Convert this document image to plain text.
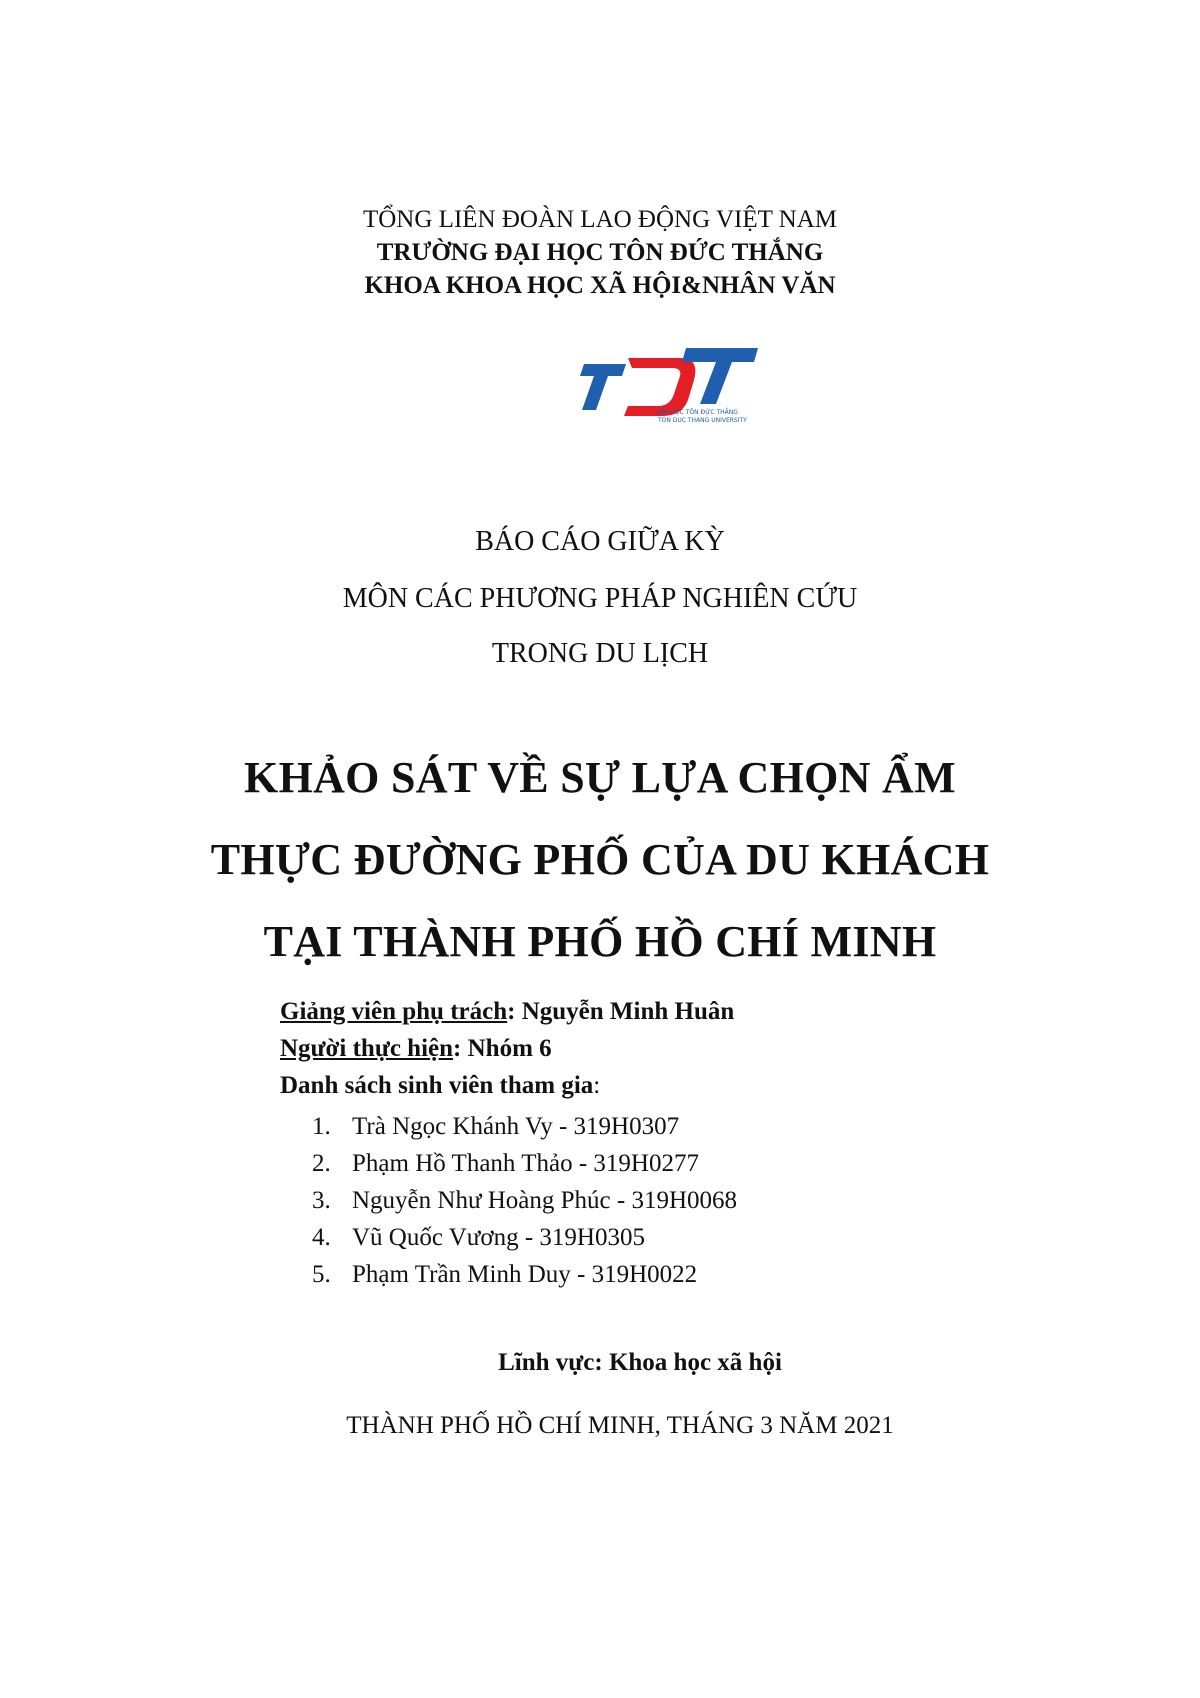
TỔNG LIÊN ĐOÀN LAO ĐỘNG VIỆT NAM
TRƯỜNG ĐẠI HỌC TÔN ĐỨC THẮNG
KHOA KHOA HỌC XÃ HỘI&NHÂN VĂN
ĐẠI HỌC TÔN ĐỨC THẮNG
TON DUC THANG UNIVERSITY
BÁO CÁO GIỮA KỲ
MÔN CÁC PHƯƠNG PHÁP NGHIÊN CỨU
TRONG DU LỊCH
KHẢO SÁT VỀ SỰ LỰA CHỌN ẨM
THỰC ĐƯỜNG PHỐ CỦA DU KHÁCH
TẠI THÀNH PHỐ HỒ CHÍ MINH
Giảng viên phụ trách: Nguyễn Minh Huân
Người thực hiện: Nhóm 6
Danh sách sinh viên tham gia:
1. Trà Ngọc Khánh Vy - 319H0307
2. Phạm Hồ Thanh Thảo - 319H0277
3. Nguyễn Như Hoàng Phúc - 319H0068
4. Vũ Quốc Vương - 319H0305
5. Phạm Trần Minh Duy - 319H0022
Lĩnh vực: Khoa học xã hội
THÀNH PHỐ HỒ CHÍ MINH, THÁNG 3 NĂM 2021
